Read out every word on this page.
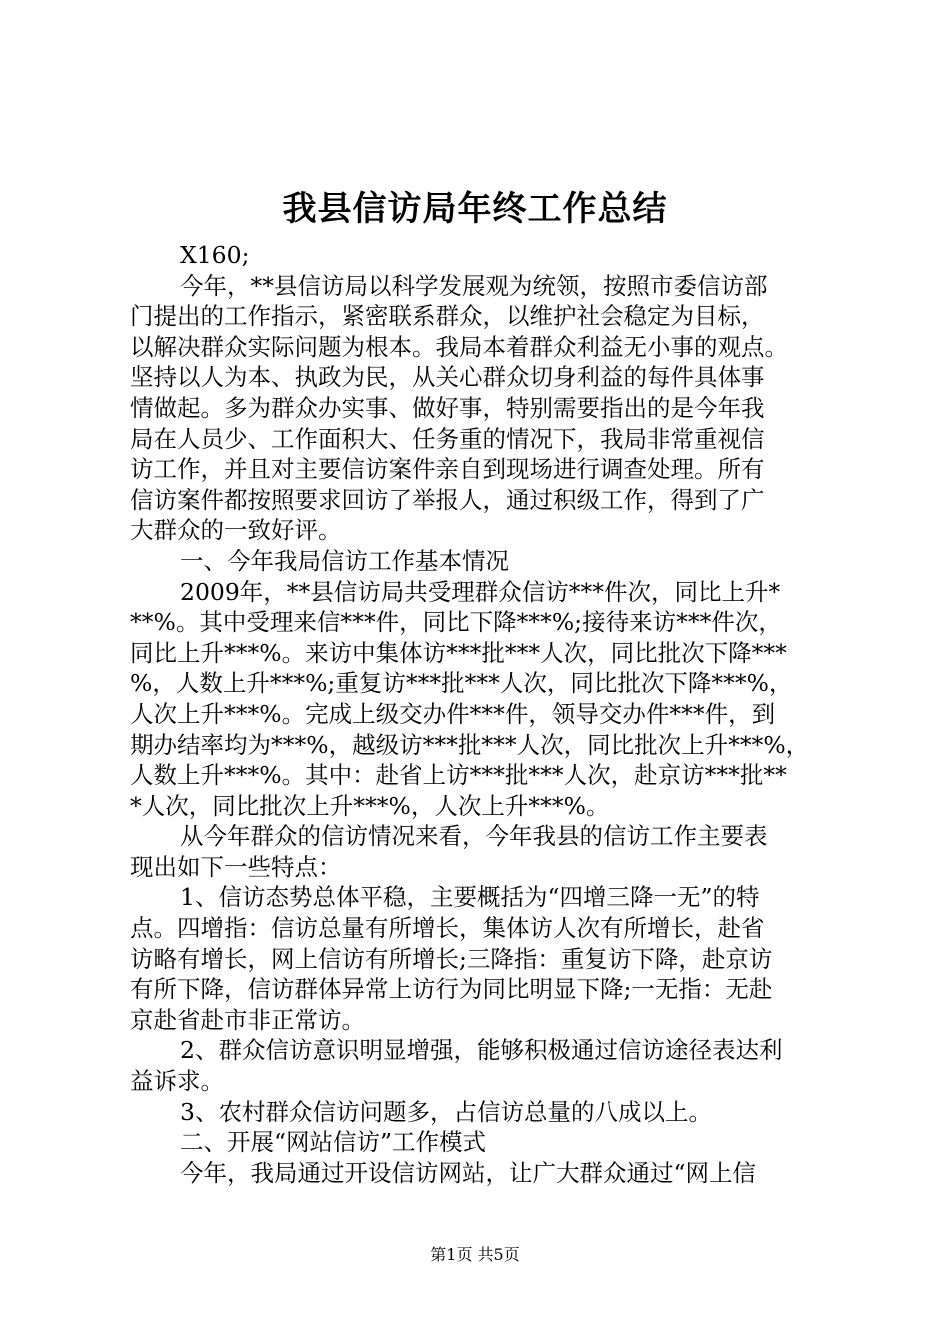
我县信访局年终工作总结
X160;
今年，**县信访局以科学发展观为统领，按照市委信访部
门提出的工作指示，紧密联系群众，以维护社会稳定为目标，
以解决群众实际问题为根本。我局本着群众利益无小事的观点。
坚持以人为本、执政为民，从关心群众切身利益的每件具体事
情做起。多为群众办实事、做好事，特别需要指出的是今年我
局在人员少、工作面积大、任务重的情况下，我局非常重视信
访工作，并且对主要信访案件亲自到现场进行调查处理。所有
信访案件都按照要求回访了举报人，通过积级工作，得到了广
大群众的一致好评。
一、今年我局信访工作基本情况
2009年，**县信访局共受理群众信访***件次，同比上升*
**%。其中受理来信***件，同比下降***%;接待来访***件次，
同比上升***%。来访中集体访***批***人次，同比批次下降***
%，人数上升***%;重复访***批***人次，同比批次下降***%，
人次上升***%。完成上级交办件***件，领导交办件***件，到
期办结率均为***%，越级访***批***人次，同比批次上升***%，
人数上升***%。其中：赴省上访***批***人次，赴京访***批**
*人次，同比批次上升***%，人次上升***%。
从今年群众的信访情况来看，今年我县的信访工作主要表
现出如下一些特点：
1、信访态势总体平稳，主要概括为“四增三降一无”的特
点。四增指：信访总量有所增长，集体访人次有所增长，赴省
访略有增长，网上信访有所增长;三降指：重复访下降，赴京访
有所下降，信访群体异常上访行为同比明显下降;一无指：无赴
京赴省赴市非正常访。
2、群众信访意识明显增强，能够积极通过信访途径表达利
益诉求。
3、农村群众信访问题多，占信访总量的八成以上。
二、开展“网站信访”工作模式
今年，我局通过开设信访网站，让广大群众通过“网上信
第1页 共5页
